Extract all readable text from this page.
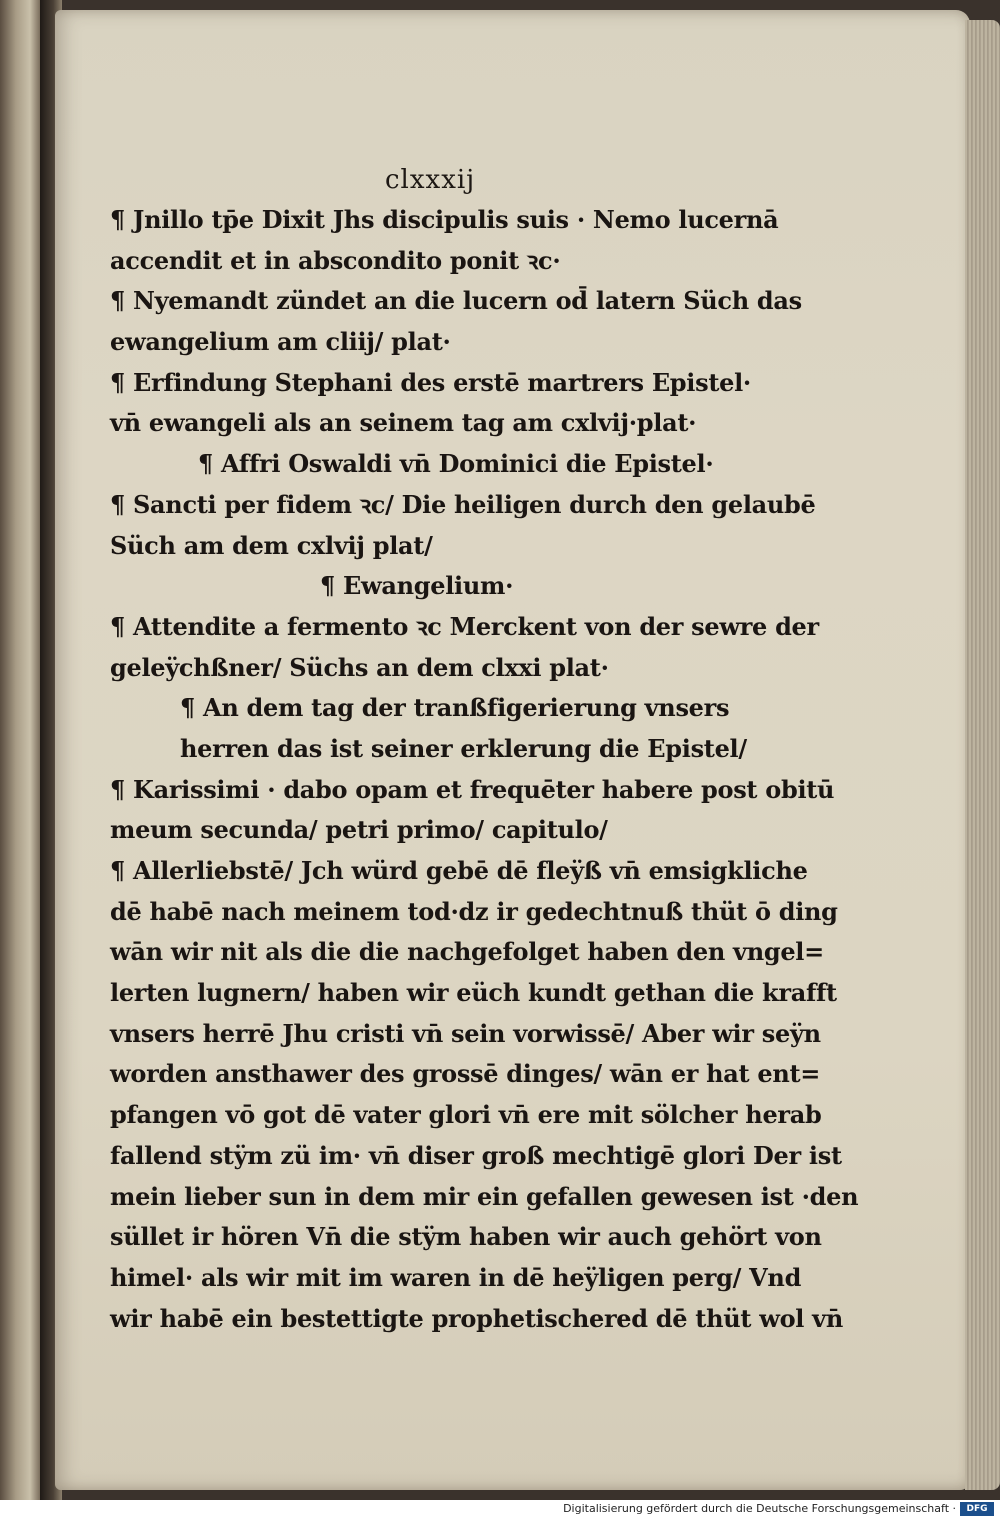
clxxxij
¶ Jnillo tp̄e Dixit Jhs discipulis suis · Nemo lucernā
accendit et in abscondito ponit ꝛc·
¶ Nyemandt zündet an die lucern od̄ latern Süch das
ewangelium am cliij/ plat·
¶ Erfindung Stephani des erstē martrers Epistel·
vn̄ ewangeli als an seinem tag am cxlvij·plat·
¶ Affri Oswaldi vn̄ Dominici die Epistel·
¶ Sancti per fidem ꝛc/ Die heiligen durch den gelaubē
Süch am dem cxlvij plat/
¶ Ewangelium·
¶ Attendite a fermento ꝛc Merckent von der sewre der
geleÿchßner/ Süchs an dem clxxi plat·
¶ An dem tag der tranßfigerierung vnsers
herren das ist seiner erklerung die Epistel/
¶ Karissimi · dabo opam et frequēter habere post obitū
meum secunda/ petri primo/ capitulo/
¶ Allerliebstē/ Jch würd gebē dē fleÿß vn̄ emsigkliche
dē habē nach meinem tod·dz ir gedechtnuß thüt ō ding
wān wir nit als die die nachgefolget haben den vngel=
lerten lugnern/ haben wir eüch kundt gethan die krafft
vnsers herrē Jhu cristi vn̄ sein vorwissē/ Aber wir seÿn
worden ansthawer des grossē dinges/ wān er hat ent=
pfangen vō got dē vater glori vn̄ ere mit sölcher herab
fallend stÿm zü im· vn̄ diser groß mechtigē glori Der ist
mein lieber sun in dem mir ein gefallen gewesen ist ·den
süllet ir hören Vn̄ die stÿm haben wir auch gehört von
himel· als wir mit im waren in dē heÿligen perg/ Vnd
wir habē ein bestettigte prophetischered dē thüt wol vn̄
Digitalisierung gefördert durch die Deutsche Forschungsgemeinschaft ·	DFG
